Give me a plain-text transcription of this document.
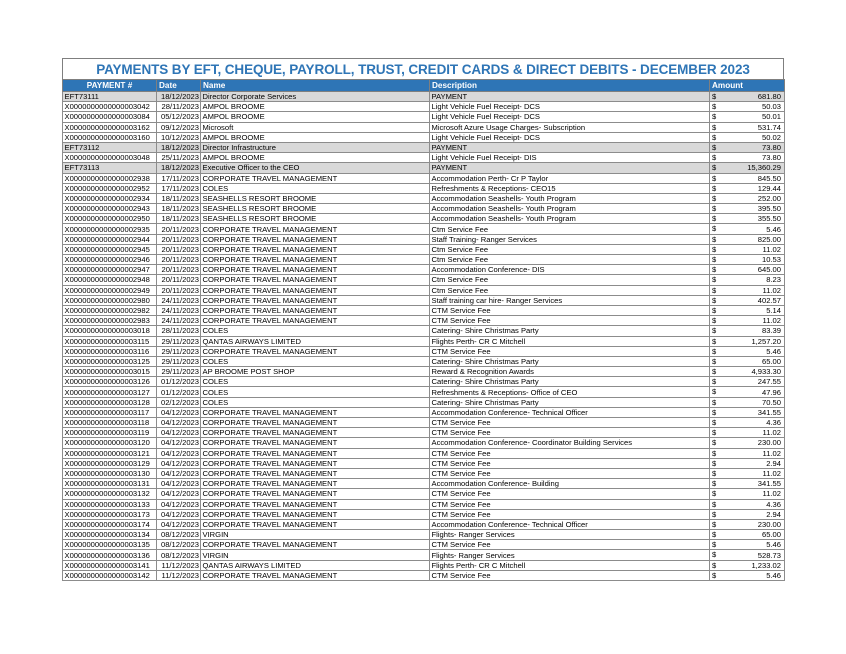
PAYMENTS BY EFT, CHEQUE, PAYROLL, TRUST, CREDIT CARDS & DIRECT DEBITS - DECEMBER 2023
PAYMENT #	Date	Name	Description	Amount
EFT73111	18/12/2023	Director Corporate Services	PAYMENT	$ 681.80
X0000000000000003042	28/11/2023	AMPOL BROOME	Light Vehicle Fuel Receipt- DCS	$ 50.03
X0000000000000003084	05/12/2023	AMPOL BROOME	Light Vehicle Fuel Receipt- DCS	$ 50.01
X0000000000000003162	09/12/2023	Microsoft	Microsoft Azure Usage Charges- Subscription	$ 531.74
X0000000000000003160	10/12/2023	AMPOL BROOME	Light Vehicle Fuel Receipt- DCS	$ 50.02
EFT73112	18/12/2023	Director Infrastructure	PAYMENT	$ 73.80
X0000000000000003048	25/11/2023	AMPOL BROOME	Light Vehicle Fuel Receipt- DIS	$ 73.80
EFT73113	18/12/2023	Executive Officer to the CEO	PAYMENT	$ 15,360.29
X0000000000000002938	17/11/2023	CORPORATE TRAVEL MANAGEMENT	Accommodation Perth- Cr P Taylor	$ 845.50
X0000000000000002952	17/11/2023	COLES	Refreshments & Receptions- CEO15	$ 129.44
X0000000000000002934	18/11/2023	SEASHELLS RESORT BROOME	Accommodation Seashells- Youth Program	$ 252.00
X0000000000000002943	18/11/2023	SEASHELLS RESORT BROOME	Accommodation Seashells- Youth Program	$ 395.50
X0000000000000002950	18/11/2023	SEASHELLS RESORT BROOME	Accommodation Seashells- Youth Program	$ 355.50
X0000000000000002935	20/11/2023	CORPORATE TRAVEL MANAGEMENT	Ctm Service Fee	$ 5.46
X0000000000000002944	20/11/2023	CORPORATE TRAVEL MANAGEMENT	Staff Training- Ranger Services	$ 825.00
X0000000000000002945	20/11/2023	CORPORATE TRAVEL MANAGEMENT	Ctm Service Fee	$ 11.02
X0000000000000002946	20/11/2023	CORPORATE TRAVEL MANAGEMENT	Ctm Service Fee	$ 10.53
X0000000000000002947	20/11/2023	CORPORATE TRAVEL MANAGEMENT	Accommodation Conference- DIS	$ 645.00
X0000000000000002948	20/11/2023	CORPORATE TRAVEL MANAGEMENT	Ctm Service Fee	$ 8.23
X0000000000000002949	20/11/2023	CORPORATE TRAVEL MANAGEMENT	Ctm Service Fee	$ 11.02
X0000000000000002980	24/11/2023	CORPORATE TRAVEL MANAGEMENT	Staff training car hire- Ranger Services	$ 402.57
X0000000000000002982	24/11/2023	CORPORATE TRAVEL MANAGEMENT	CTM Service Fee	$ 5.14
X0000000000000002983	24/11/2023	CORPORATE TRAVEL MANAGEMENT	CTM Service Fee	$ 11.02
X0000000000000003018	28/11/2023	COLES	Catering- Shire Christmas Party	$ 83.39
X0000000000000003115	29/11/2023	QANTAS AIRWAYS LIMITED	Flights Perth- CR C Mitchell	$ 1,257.20
X0000000000000003116	29/11/2023	CORPORATE TRAVEL MANAGEMENT	CTM Service Fee	$ 5.46
X0000000000000003125	29/11/2023	COLES	Catering- Shire Christmas Party	$ 65.00
X0000000000000003015	29/11/2023	AP BROOME POST SHOP	Reward & Recognition Awards	$ 4,933.30
X0000000000000003126	01/12/2023	COLES	Catering- Shire Christmas Party	$ 247.55
X0000000000000003127	01/12/2023	COLES	Refreshments & Receptions- Office of CEO	$ 47.96
X0000000000000003128	02/12/2023	COLES	Catering- Shire Christmas Party	$ 70.50
X0000000000000003117	04/12/2023	CORPORATE TRAVEL MANAGEMENT	Accommodation Conference- Technical Officer	$ 341.55
X0000000000000003118	04/12/2023	CORPORATE TRAVEL MANAGEMENT	CTM Service Fee	$ 4.36
X0000000000000003119	04/12/2023	CORPORATE TRAVEL MANAGEMENT	CTM Service Fee	$ 11.02
X0000000000000003120	04/12/2023	CORPORATE TRAVEL MANAGEMENT	Accommodation Conference- Coordinator Building Services	$ 230.00
X0000000000000003121	04/12/2023	CORPORATE TRAVEL MANAGEMENT	CTM Service Fee	$ 11.02
X0000000000000003129	04/12/2023	CORPORATE TRAVEL MANAGEMENT	CTM Service Fee	$ 2.94
X0000000000000003130	04/12/2023	CORPORATE TRAVEL MANAGEMENT	CTM Service Fee	$ 11.02
X0000000000000003131	04/12/2023	CORPORATE TRAVEL MANAGEMENT	Accommodation Conference- Building	$ 341.55
X0000000000000003132	04/12/2023	CORPORATE TRAVEL MANAGEMENT	CTM Service Fee	$ 11.02
X0000000000000003133	04/12/2023	CORPORATE TRAVEL MANAGEMENT	CTM Service Fee	$ 4.36
X0000000000000003173	04/12/2023	CORPORATE TRAVEL MANAGEMENT	CTM Service Fee	$ 2.94
X0000000000000003174	04/12/2023	CORPORATE TRAVEL MANAGEMENT	Accommodation Conference- Technical Officer	$ 230.00
X0000000000000003134	08/12/2023	VIRGIN	Flights- Ranger Services	$ 65.00
X0000000000000003135	08/12/2023	CORPORATE TRAVEL MANAGEMENT	CTM Service Fee	$ 5.46
X0000000000000003136	08/12/2023	VIRGIN	Flights- Ranger Services	$ 528.73
X0000000000000003141	11/12/2023	QANTAS AIRWAYS LIMITED	Flights Perth- CR C Mitchell	$ 1,233.02
X0000000000000003142	11/12/2023	CORPORATE TRAVEL MANAGEMENT	CTM Service Fee	$ 5.46
